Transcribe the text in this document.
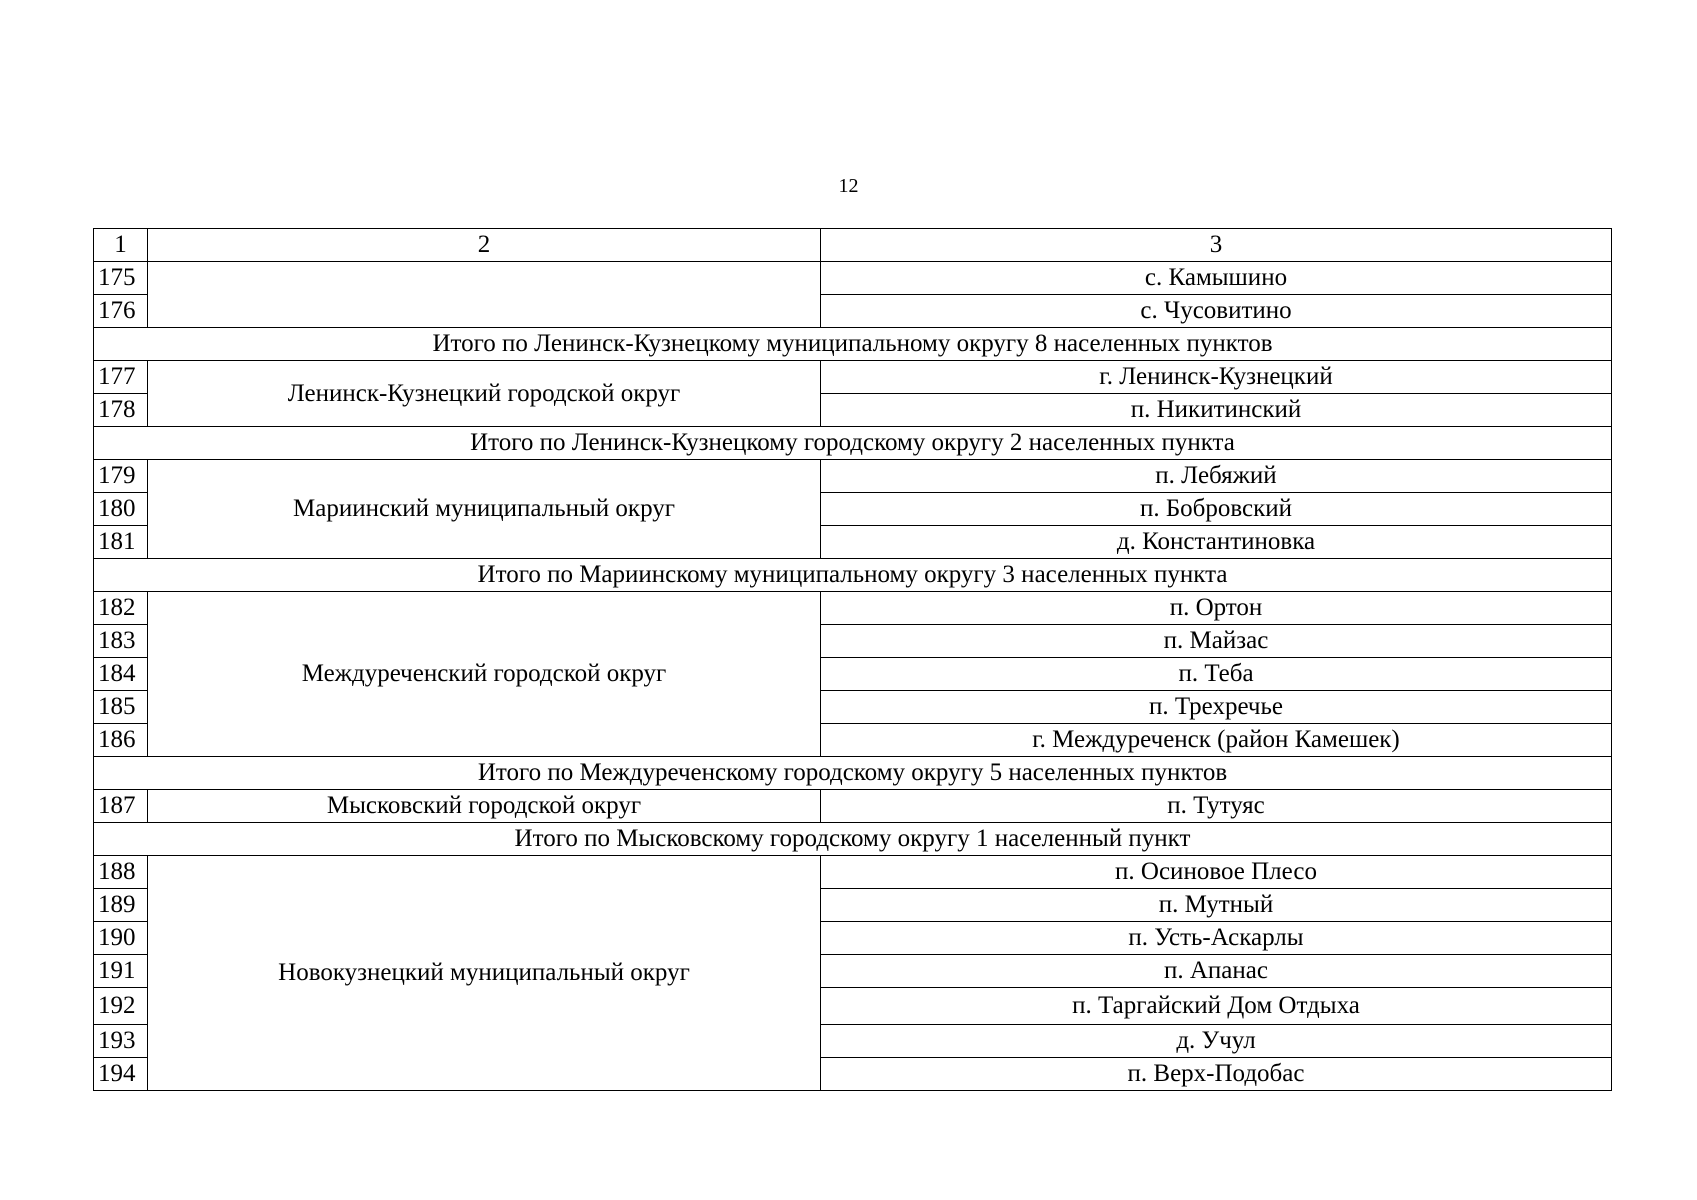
12
1	2	3
175		с. Камышино
176		с. Чусовитино
Итого по Ленинск-Кузнецкому муниципальному округу 8 населенных пунктов		
177	Ленинск-Кузнецкий городской округ	г. Ленинск-Кузнецкий
178		п. Никитинский
Итого по Ленинск-Кузнецкому городскому округу 2 населенных пункта		
179	Мариинский муниципальный округ	п. Лебяжий
180		п. Бобровский
181		д. Константиновка
Итого по Мариинскому муниципальному округу 3 населенных пункта		
182	Междуреченский городской округ	п. Ортон
183		п. Майзас
184		п. Теба
185		п. Трехречье
186		г. Междуреченск (район Камешек)
Итого по Междуреченскому городскому округу 5 населенных пунктов		
187	Мысковский городской округ	п. Тутуяс
Итого по Мысковскому городскому округу 1 населенный пункт		
188	Новокузнецкий муниципальный округ	п. Осиновое Плесо
189		п. Мутный
190		п. Усть-Аскарлы
191		п. Апанас
192		п. Таргайский Дом Отдыха
193		д. Учул
194		п. Верх-Подобас
